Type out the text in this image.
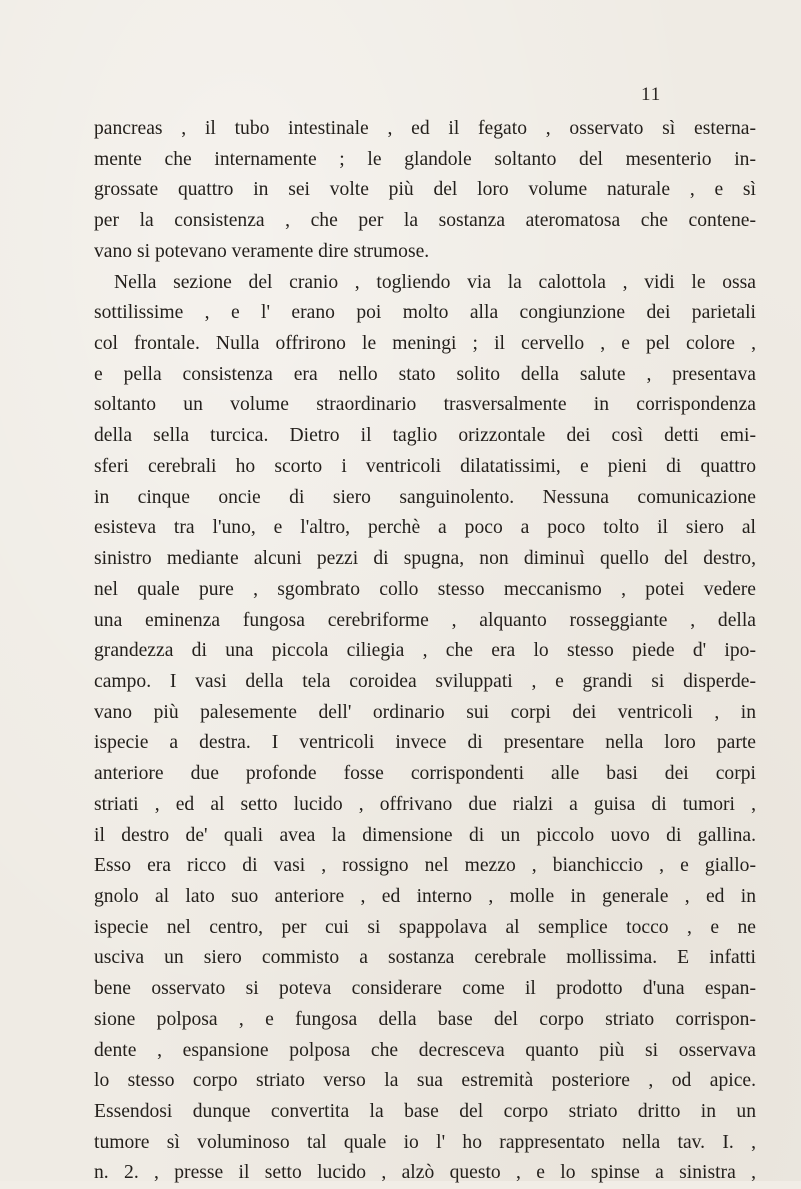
11
pancreas , il tubo intestinale , ed il fegato , osservato sì esterna-
mente che internamente ; le glandole soltanto del mesenterio in-
grossate quattro in sei volte più del loro volume naturale , e sì
per la consistenza , che per la sostanza ateromatosa che contene-
vano si potevano veramente dire strumose.
Nella sezione del cranio , togliendo via la calottola , vidi le ossa
sottilissime , e l' erano poi molto alla congiunzione dei parietali
col frontale. Nulla offrirono le meningi ; il cervello , e pel colore ,
e pella consistenza era nello stato solito della salute , presentava
soltanto un volume straordinario trasversalmente in corrispondenza
della sella turcica. Dietro il taglio orizzontale dei così detti emi-
sferi cerebrali ho scorto i ventricoli dilatatissimi, e pieni di quattro
in cinque oncie di siero sanguinolento. Nessuna comunicazione
esisteva tra l'uno, e l'altro, perchè a poco a poco tolto il siero al
sinistro mediante alcuni pezzi di spugna, non diminuì quello del destro,
nel quale pure , sgombrato collo stesso meccanismo , potei vedere
una eminenza fungosa cerebriforme , alquanto rosseggiante , della
grandezza di una piccola ciliegia , che era lo stesso piede d' ipo-
campo. I vasi della tela coroidea sviluppati , e grandi si disperde-
vano più palesemente dell' ordinario sui corpi dei ventricoli , in
ispecie a destra. I ventricoli invece di presentare nella loro parte
anteriore due profonde fosse corrispondenti alle basi dei corpi
striati , ed al setto lucido , offrivano due rialzi a guisa di tumori ,
il destro de' quali avea la dimensione di un piccolo uovo di gallina.
Esso era ricco di vasi , rossigno nel mezzo , bianchiccio , e giallo-
gnolo al lato suo anteriore , ed interno , molle in generale , ed in
ispecie nel centro, per cui si spappolava al semplice tocco , e ne
usciva un siero commisto a sostanza cerebrale mollissima. E infatti
bene osservato si poteva considerare come il prodotto d'una espan-
sione polposa , e fungosa della base del corpo striato corrispon-
dente , espansione polposa che decresceva quanto più si osservava
lo stesso corpo striato verso la sua estremità posteriore , od apice.
Essendosi dunque convertita la base del corpo striato dritto in un
tumore sì voluminoso tal quale io l' ho rappresentato nella tav. I. ,
n. 2. , presse il setto lucido , alzò questo , e lo spinse a sinistra ,
